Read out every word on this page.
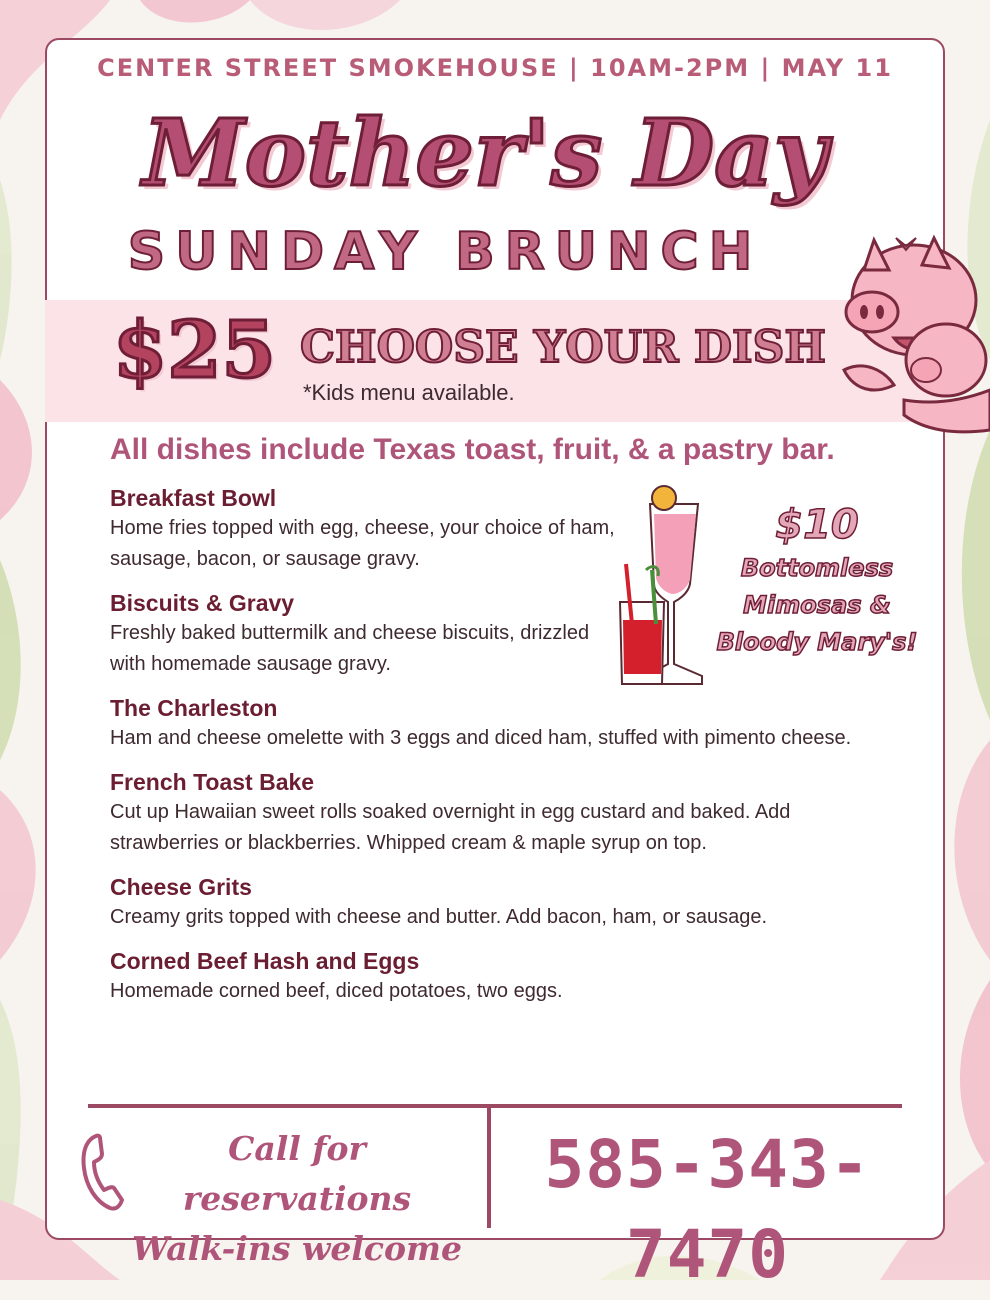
CENTER STREET SMOKEHOUSE | 10AM-2PM | MAY 11
Mother's Day
SUNDAY BRUNCH
$25 CHOOSE YOUR DISH
*Kids menu available.
All dishes include Texas toast, fruit, & a pastry bar.
Breakfast Bowl
Home fries topped with egg, cheese, your choice of ham, sausage, bacon, or sausage gravy.
Biscuits & Gravy
Freshly baked buttermilk and cheese biscuits, drizzled with homemade sausage gravy.
The Charleston
Ham and cheese omelette with 3 eggs and diced ham, stuffed with pimento cheese.
French Toast Bake
Cut up Hawaiian sweet rolls soaked overnight in egg custard and baked. Add strawberries or blackberries. Whipped cream & maple syrup on top.
Cheese Grits
Creamy grits topped with cheese and butter. Add bacon, ham, or sausage.
Corned Beef Hash and Eggs
Homemade corned beef, diced potatoes, two eggs.
$10
Bottomless
Mimosas &
Bloody Mary's!
Call for reservations
Walk-ins welcome
585-343-7470
